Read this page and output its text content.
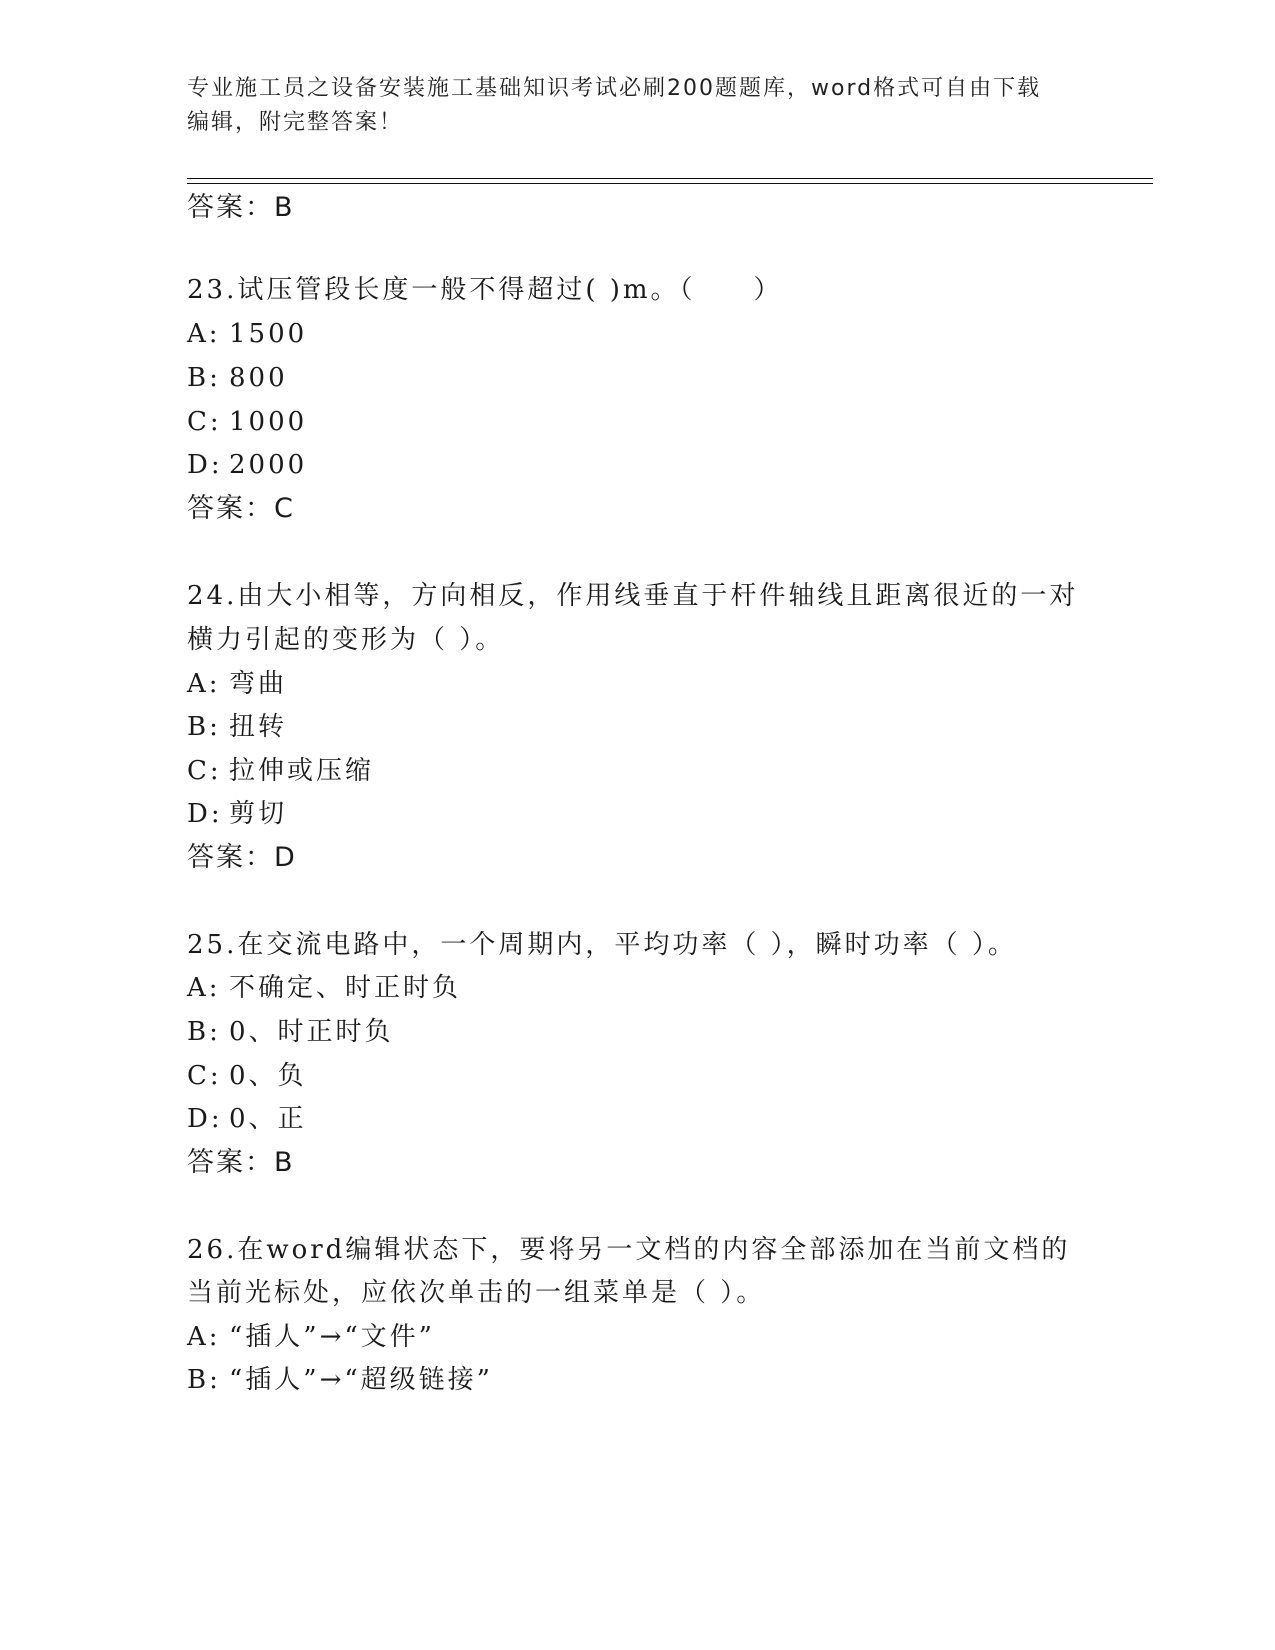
专业施工员之设备安装施工基础知识考试必刷200题题库，word格式可自由下载
编辑，附完整答案！
答案：B
23.试压管段长度一般不得超过( )m。（　　）
A: 1500
B: 800
C: 1000
D: 2000
答案：C
24.由大小相等，方向相反，作用线垂直于杆件轴线且距离很近的一对
横力引起的变形为（ ）。
A: 弯曲
B: 扭转
C: 拉伸或压缩
D: 剪切
答案：D
25.在交流电路中，一个周期内，平均功率（ ），瞬时功率（ ）。
A: 不确定、时正时负
B: 0、时正时负
C: 0、负
D: 0、正
答案：B
26.在word编辑状态下，要将另一文档的内容全部添加在当前文档的
当前光标处，应依次单击的一组菜单是（ ）。
A: “插人”→“文件”
B: “插人”→“超级链接”
